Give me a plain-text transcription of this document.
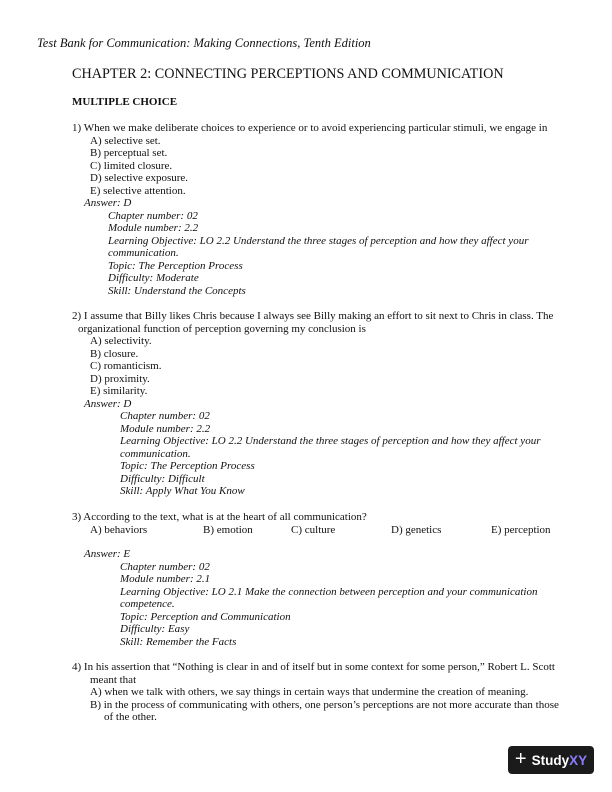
Test Bank for Communication: Making Connections, Tenth Edition
CHAPTER 2: CONNECTING PERCEPTIONS AND COMMUNICATION
MULTIPLE CHOICE
1) When we make deliberate choices to experience or to avoid experiencing particular stimuli, we engage in
A) selective set.
B) perceptual set.
C) limited closure.
D) selective exposure.
E) selective attention.
Answer: D
Chapter number: 02
Module number: 2.2
Learning Objective: LO 2.2 Understand the three stages of perception and how they affect your
communication.
Topic: The Perception Process
Difficulty: Moderate
Skill: Understand the Concepts
2) I assume that Billy likes Chris because I always see Billy making an effort to sit next to Chris in class. The
organizational function of perception governing my conclusion is
A) selectivity.
B) closure.
C) romanticism.
D) proximity.
E) similarity.
Answer: D
Chapter number: 02
Module number: 2.2
Learning Objective: LO 2.2 Understand the three stages of perception and how they affect your
communication.
Topic: The Perception Process
Difficulty: Difficult
Skill: Apply What You Know
3) According to the text, what is at the heart of all communication?
A) behaviors	B) emotion	C) culture	D) genetics	E) perception
Answer: E
Chapter number: 02
Module number: 2.1
Learning Objective: LO 2.1 Make the connection between perception and your communication
competence.
Topic: Perception and Communication
Difficulty: Easy
Skill: Remember the Facts
4) In his assertion that “Nothing is clear in and of itself but in some context for some person,” Robert L. Scott
meant that
A) when we talk with others, we say things in certain ways that undermine the creation of meaning.
B) in the process of communicating with others, one person’s perceptions are not more accurate than those
of the other.
+ StudyXY
